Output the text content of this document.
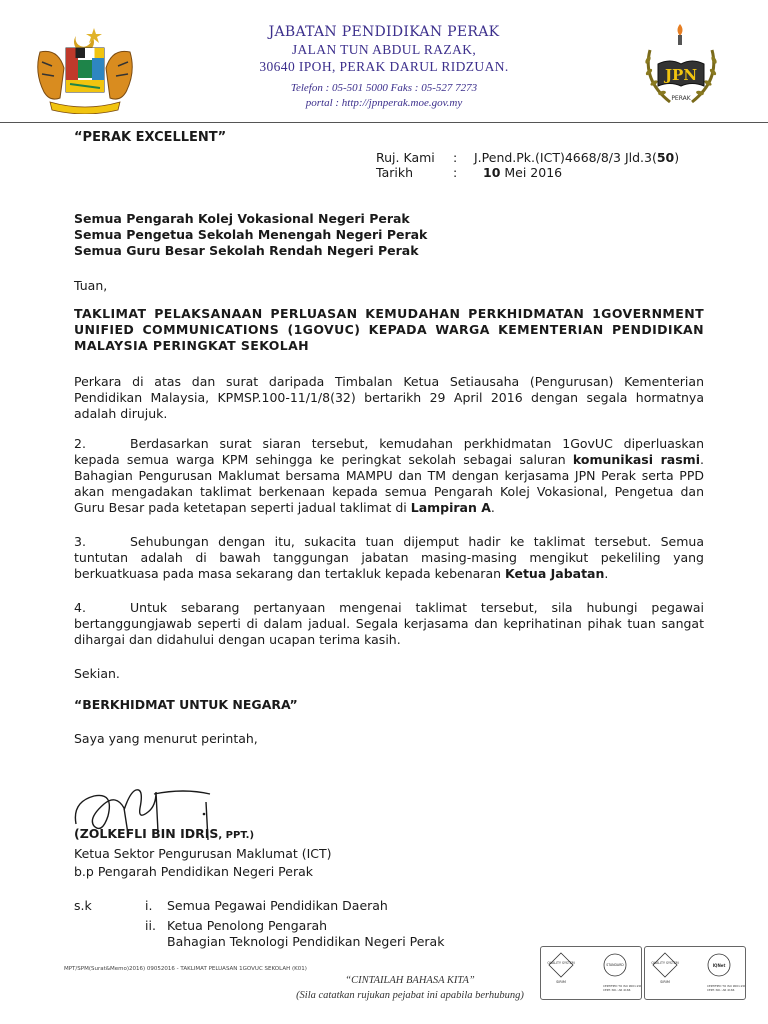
JABATAN PENDIDIKAN PERAK
JALAN TUN ABDUL RAZAK,
30640 IPOH, PERAK DARUL RIDZUAN.
Telefon : 05-501 5000 Faks : 05-527 7273
portal : http://jpnperak.moe.gov.my
JPN
PERAK
“PERAK EXCELLENT”
Ruj. Kami : J.Pend.Pk.(ICT)4668/8/3 Jld.3(50)
Tarikh	: 10 Mei 2016
Semua Pengarah Kolej Vokasional Negeri Perak
Semua Pengetua Sekolah Menengah Negeri Perak
Semua Guru Besar Sekolah Rendah Negeri Perak
Tuan,
TAKLIMAT PELAKSANAAN PERLUASAN KEMUDAHAN PERKHIDMATAN 1GOVERNMENT UNIFIED COMMUNICATIONS (1GOVUC) KEPADA WARGA KEMENTERIAN PENDIDIKAN MALAYSIA PERINGKAT SEKOLAH
Perkara di atas dan surat daripada Timbalan Ketua Setiausaha (Pengurusan) Kementerian Pendidikan Malaysia, KPMSP.100-11/1/8(32) bertarikh 29 April 2016 dengan segala hormatnya adalah dirujuk.
2.	Berdasarkan surat siaran tersebut, kemudahan perkhidmatan 1GovUC diperluaskan kepada semua warga KPM sehingga ke peringkat sekolah sebagai saluran komunikasi rasmi. Bahagian Pengurusan Maklumat bersama MAMPU dan TM dengan kerjasama JPN Perak serta PPD akan mengadakan taklimat berkenaan kepada semua Pengarah Kolej Vokasional, Pengetua dan Guru Besar pada ketetapan seperti jadual taklimat di Lampiran A.
3.	Sehubungan dengan itu, sukacita tuan dijemput hadir ke taklimat tersebut. Semua tuntutan adalah di bawah tanggungan jabatan masing-masing mengikut pekeliling yang berkuatkuasa pada masa sekarang dan tertakluk kepada kebenaran Ketua Jabatan.
4.	Untuk sebarang pertanyaan mengenai taklimat tersebut, sila hubungi pegawai bertanggungjawab seperti di dalam jadual. Segala kerjasama dan keprihatinan pihak tuan sangat dihargai dan didahului dengan ucapan terima kasih.
Sekian.
“BERKHIDMAT UNTUK NEGARA”
Saya yang menurut perintah,
(ZOLKEFLI BIN IDRIS, PPT.)
Ketua Sektor Pengurusan Maklumat (ICT)
b.p Pengarah Pendidikan Negeri Perak
s.k	i. Semua Pegawai Pendidikan Daerah
ii. Ketua Penolong Pengarah
Bahagian Teknologi Pendidikan Negeri Perak
MPT/SPM(Surat&Memo)2016) 09052016 - TAKLIMAT PELUASAN 1GOVUC SEKOLAH (K01)
“CINTAILAH BAHASA KITA”
(Sila catatkan rujukan pejabat ini apabila berhubung)
QUALITY SYSTEM
SIRIM
STANDARD
CERTIFIED TO ISO 9001:2008
CERT. NO.: AR 4166
QUALITY SYSTEM
SIRIM
IQNet
CERTIFIED TO ISO 9001:2008
CERT. NO.: AR 4166
